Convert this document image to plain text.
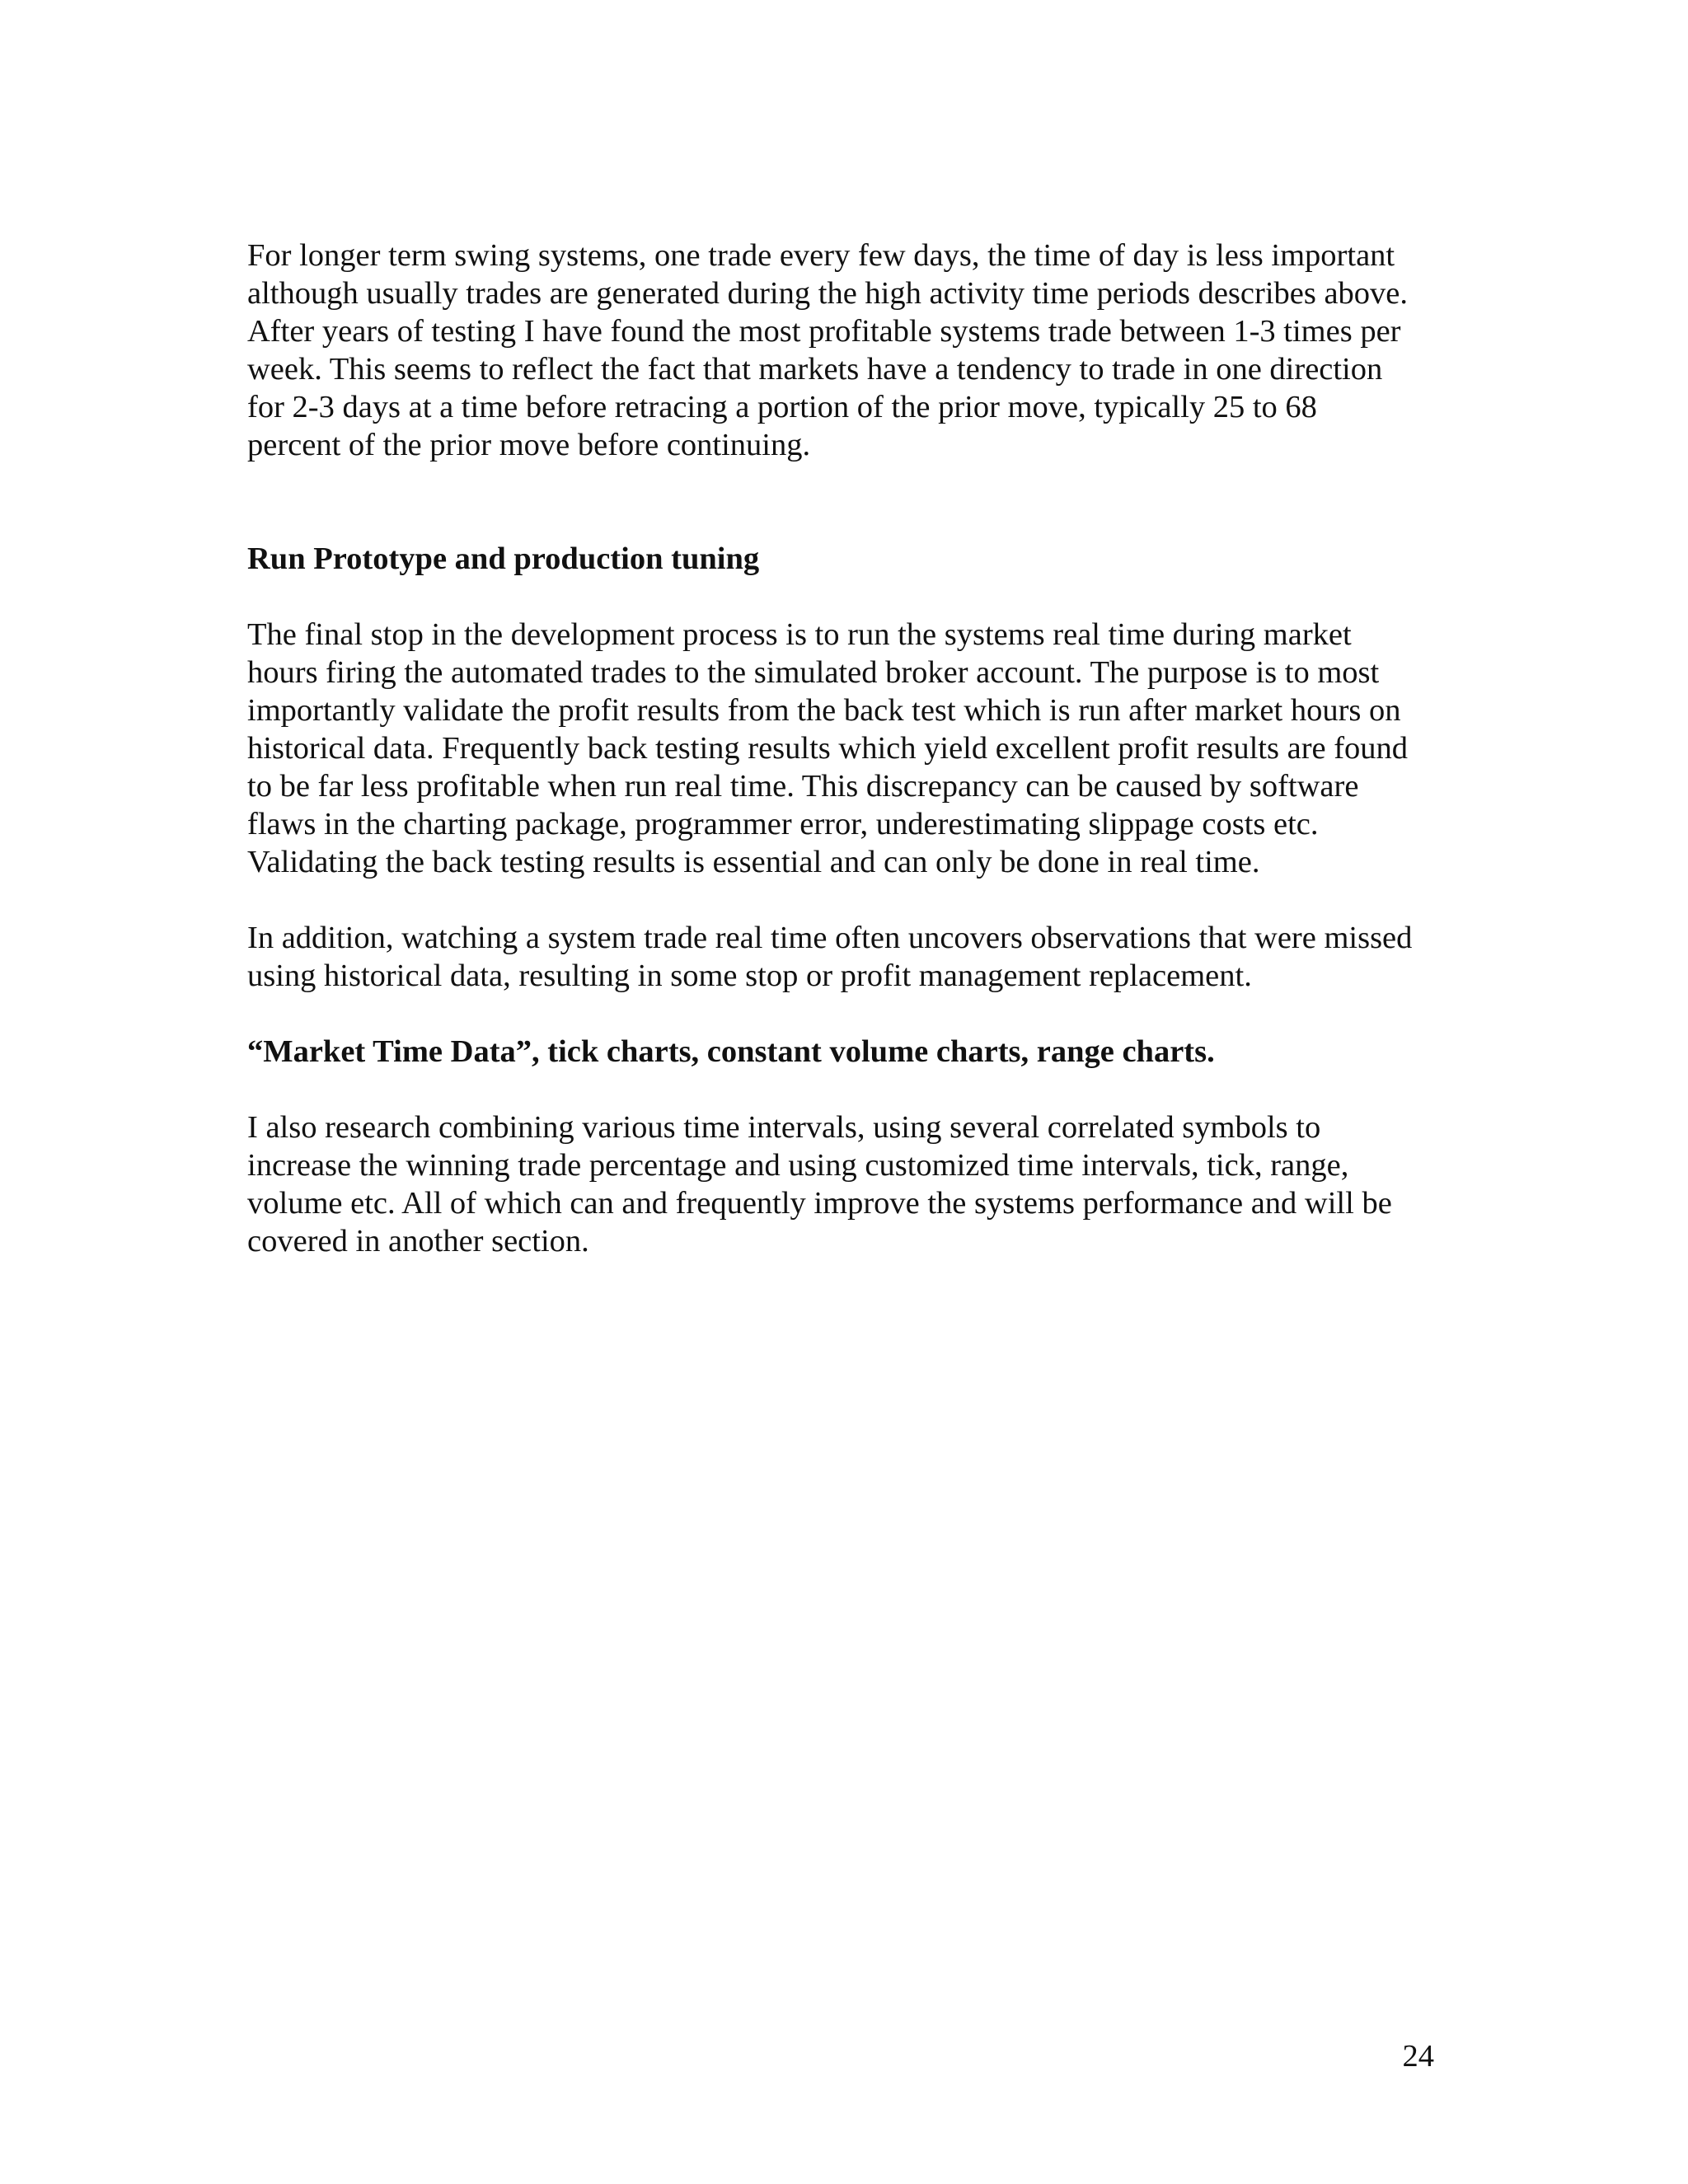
For longer term swing systems, one trade every few days, the time of day is less important
although usually trades are generated during the high activity time periods describes above.
After years of testing I have found the most profitable systems trade between 1-3 times per
week. This seems to reflect the fact that markets have a tendency to trade in one direction
for 2-3 days at a time before retracing a portion of the prior move, typically 25 to 68
percent of the prior move before continuing.
Run Prototype and production tuning
The final stop in the development process is to run the systems real time during market
hours firing the automated trades to the simulated broker account. The purpose is to most
importantly validate the profit results from the back test which is run after market hours on
historical data. Frequently back testing results which yield excellent profit results are found
to be far less profitable when run real time. This discrepancy can be caused by software
flaws in the charting package, programmer error, underestimating slippage costs etc.
Validating the back testing results is essential and can only be done in real time.
In addition, watching a system trade real time often uncovers observations that were missed
using historical data, resulting in some stop or profit management replacement.
“Market Time Data”, tick charts, constant volume charts, range charts.
I also research combining various time intervals, using several correlated symbols to
increase the winning trade percentage and using customized time intervals, tick, range,
volume etc. All of which can and frequently improve the systems performance and will be
covered in another section.
24
